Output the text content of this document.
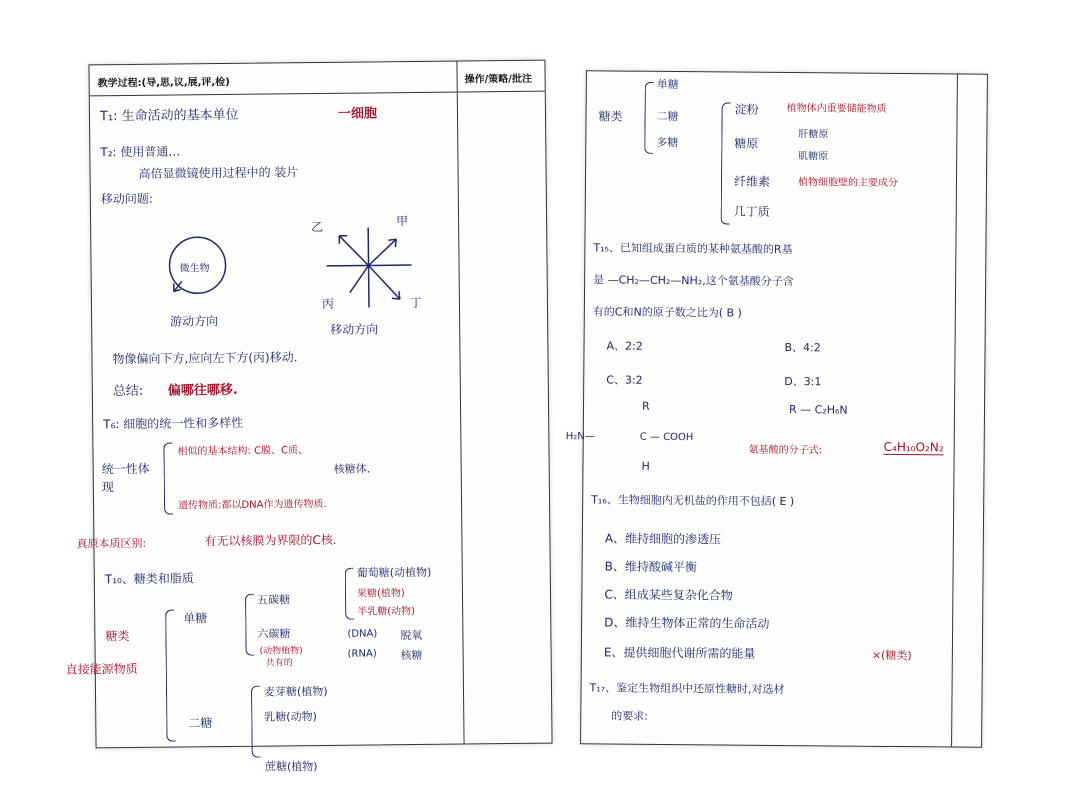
教学过程:(导,思,议,展,评,检)	操作/策略/批注
T₁: 生命活动的基本单位	一细胞
T₂: 使用普通…
高倍显微镜使用过程中的 装片
移动问题:
微生物
游动方向
乙	甲
丙	丁
移动方向
物像偏向下方,应向左下方(丙)移动.
总结: 偏哪往哪移.
T₆: 细胞的统一性和多样性
统一性体现
相似的基本结构: C膜、C质、
核糖体.
遗传物质:都以DNA作为遗传物质.
真原本质区别:	有无以核膜为界限的C核.
T₁₀、糖类和脂质
糖类
直接能源物质
单糖
五碳糖
六碳糖
(动物植物)
共有的
葡萄糖(动植物)
果糖(植物)
半乳糖(动物)
(DNA) 脱氧
(RNA) 核糖
二糖
麦芽糖(植物)
乳糖(动物)
蔗糖(植物)
糖类
单糖
二糖
多糖
淀粉	植物体内重要储能物质
糖原
肝糖原
肌糖原
纤维素	植物细胞壁的主要成分
几丁质
T₁₅、已知组成蛋白质的某种氨基酸的R基
是 —CH₂—CH₂—NH₂,这个氨基酸分子含
有的C和N的原子数之比为( B )
A、2:2	B、4:2
C、3:2	D、3:1
R
H₂N—	C — COOH
H
R — C₂H₆N
氨基酸的分子式:	C₄H₁₀O₂N₂
T₁₆、生物细胞内无机盐的作用不包括( E )
A、维持细胞的渗透压
B、维持酸碱平衡
C、组成某些复杂化合物
D、维持生物体正常的生命活动
E、提供细胞代谢所需的能量	×(糖类)
T₁₇、鉴定生物组织中还原性糖时,对选材
的要求:
